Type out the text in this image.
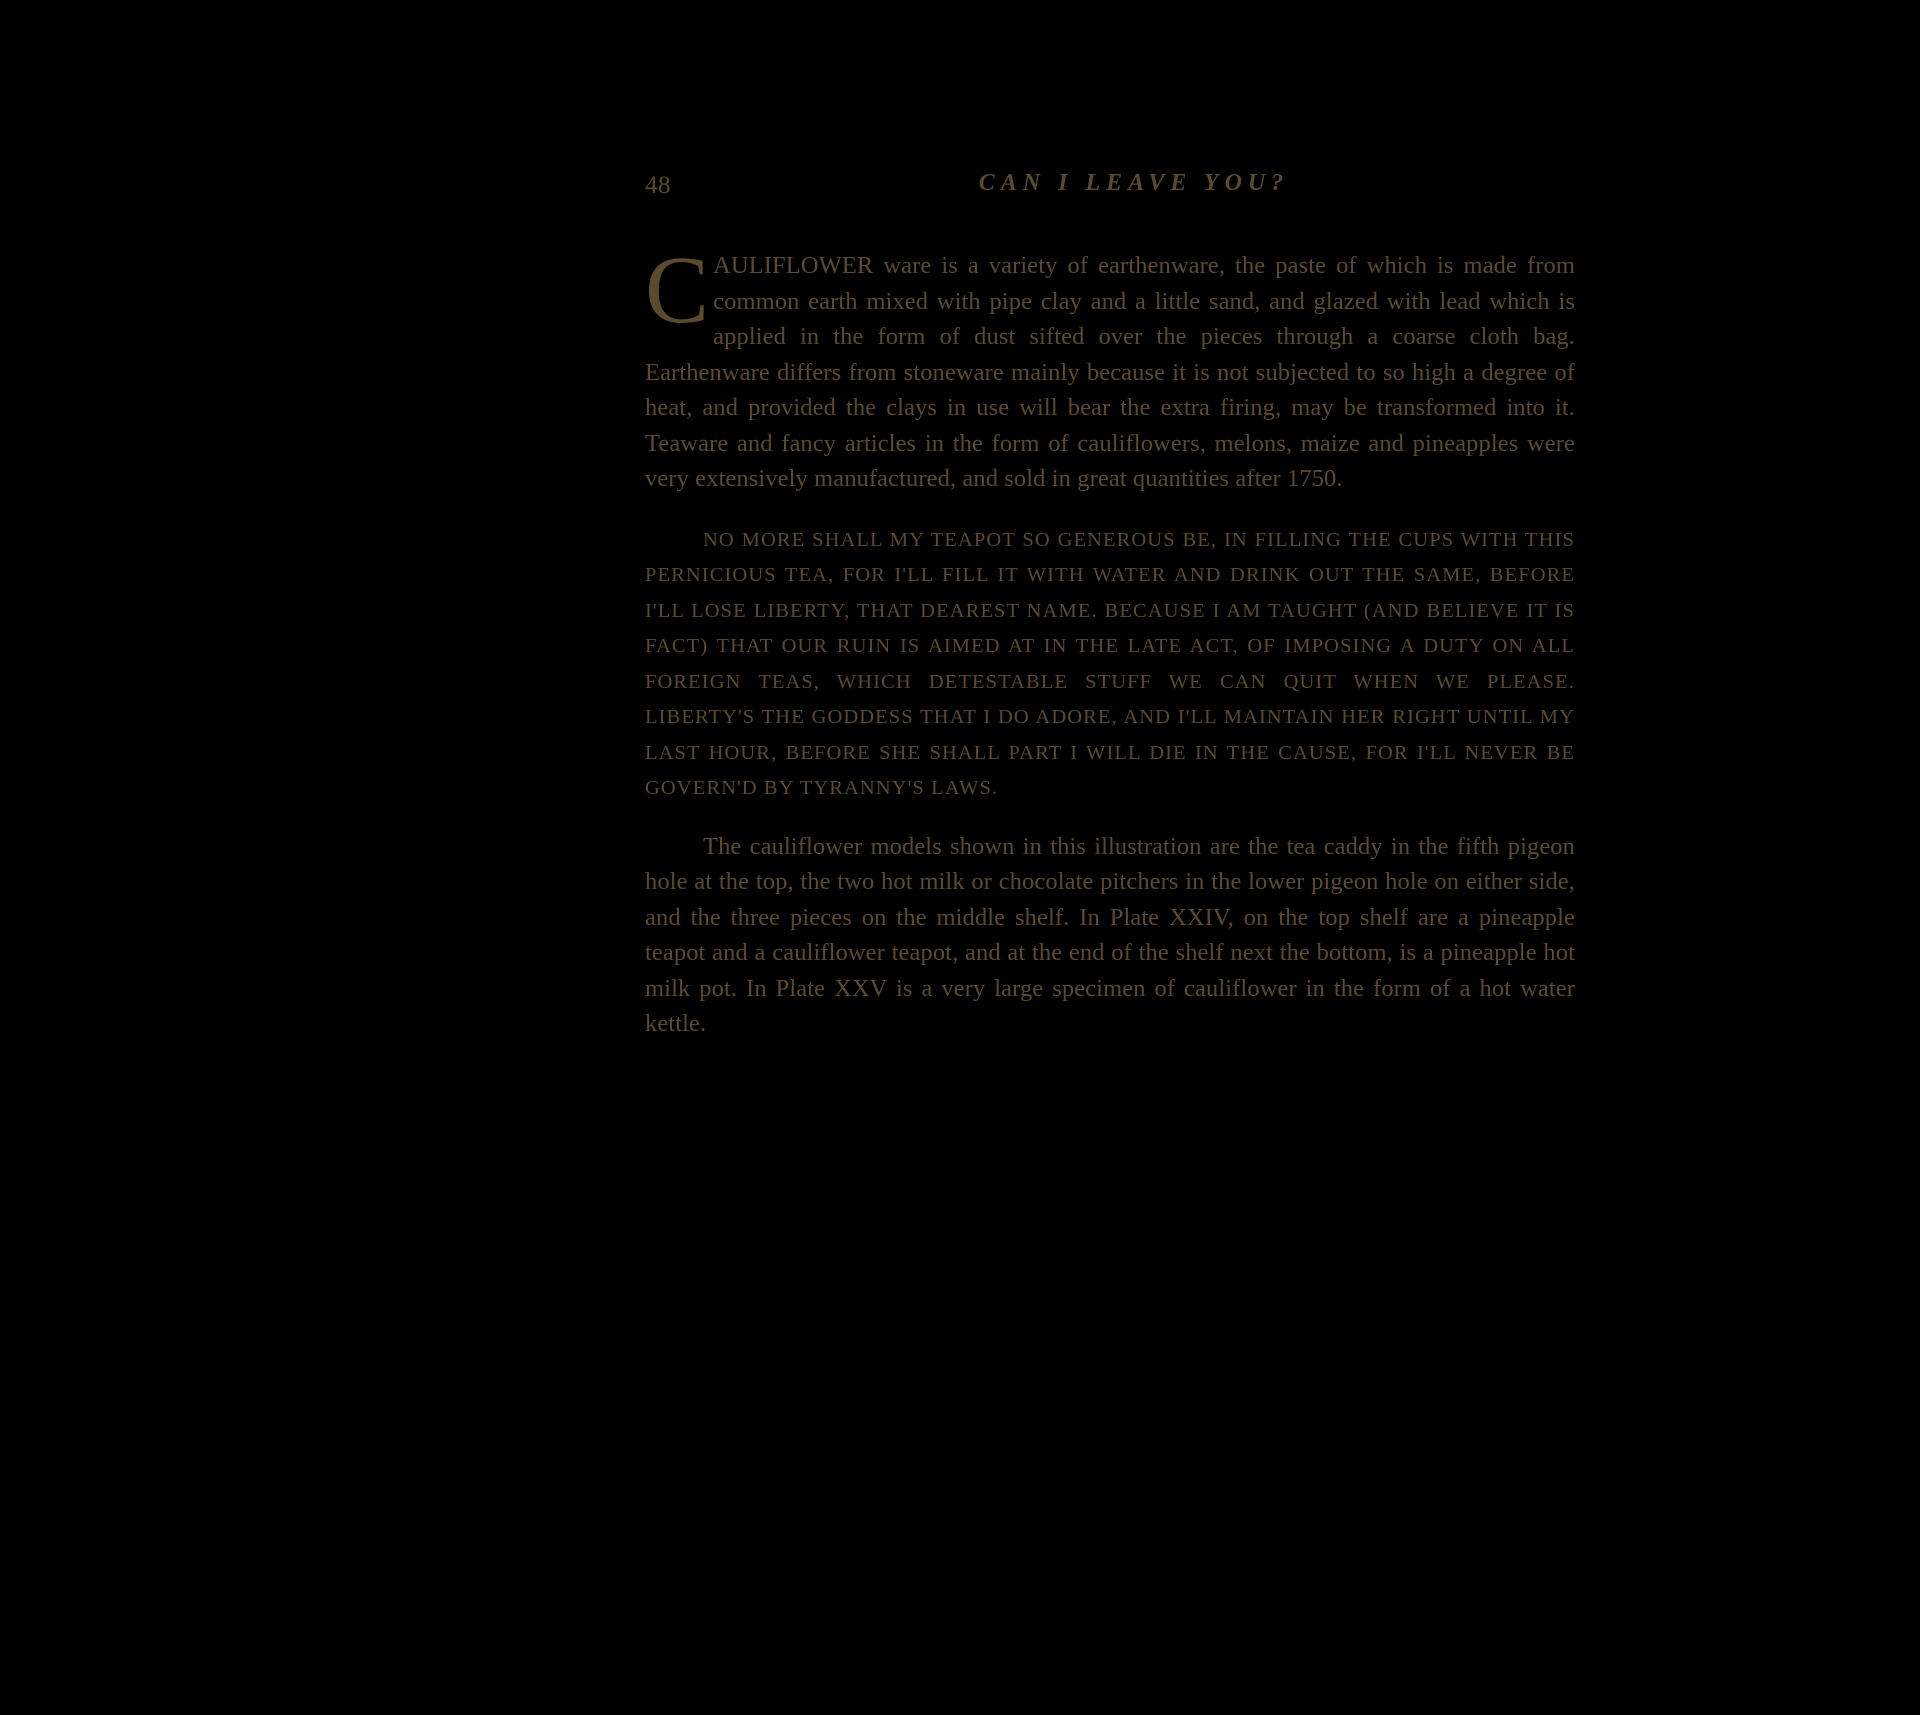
48	CAN I LEAVE YOU?

CAULIFLOWER ware is a variety of earthenware, the paste of which is made from common earth mixed with pipe clay and a little sand, and glazed with lead which is applied in the form of dust sifted over the pieces through a coarse cloth bag. Earthenware differs from stoneware mainly because it is not subjected to so high a degree of heat, and provided the clays in use will bear the extra firing, may be transformed into it. Teaware and fancy articles in the form of cauliflowers, melons, maize and pineapples were very extensively manufactured, and sold in great quantities after 1750.

NO MORE SHALL MY TEAPOT SO GENEROUS BE, IN FILLING THE CUPS WITH THIS PERNICIOUS TEA, FOR I'LL FILL IT WITH WATER AND DRINK OUT THE SAME, BEFORE I'LL LOSE LIBERTY, THAT DEAREST NAME. BECAUSE I AM TAUGHT (AND BELIEVE IT IS FACT) THAT OUR RUIN IS AIMED AT IN THE LATE ACT, OF IMPOSING A DUTY ON ALL FOREIGN TEAS, WHICH DETESTABLE STUFF WE CAN QUIT WHEN WE PLEASE. LIBERTY'S THE GODDESS THAT I DO ADORE, AND I'LL MAINTAIN HER RIGHT UNTIL MY LAST HOUR, BEFORE SHE SHALL PART I WILL DIE IN THE CAUSE, FOR I'LL NEVER BE GOVERN'D BY TYRANNY'S LAWS.

The cauliflower models shown in this illustration are the tea caddy in the fifth pigeon hole at the top, the two hot milk or chocolate pitchers in the lower pigeon hole on either side, and the three pieces on the middle shelf. In Plate XXIV, on the top shelf are a pineapple teapot and a cauliflower teapot, and at the end of the shelf next the bottom, is a pineapple hot milk pot. In Plate XXV is a very large specimen of cauliflower in the form of a hot water kettle.
